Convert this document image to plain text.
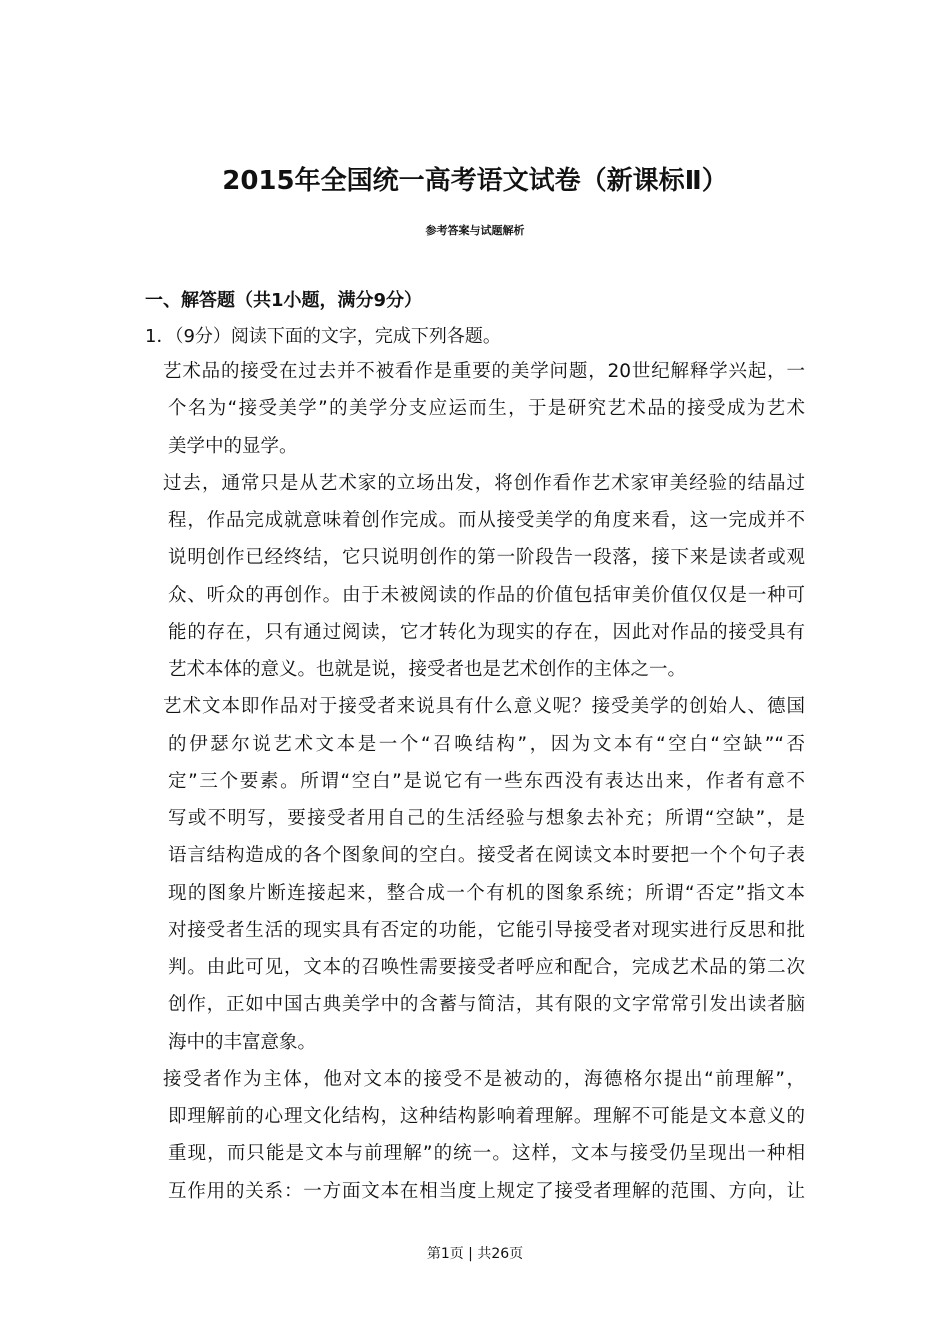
2015年全国统一高考语文试卷（新课标Ⅱ）
参考答案与试题解析
一、解答题（共1小题，满分9分）
1．（9分）阅读下面的文字，完成下列各题。
艺术品的接受在过去并不被看作是重要的美学问题，20世纪解释学兴起，一
个名为“接受美学”的美学分支应运而生，于是研究艺术品的接受成为艺术
美学中的显学。
过去，通常只是从艺术家的立场出发，将创作看作艺术家审美经验的结晶过
程，作品完成就意味着创作完成。而从接受美学的角度来看，这一完成并不
说明创作已经终结，它只说明创作的第一阶段告一段落，接下来是读者或观
众、听众的再创作。由于未被阅读的作品的价值包括审美价值仅仅是一种可
能的存在，只有通过阅读，它才转化为现实的存在，因此对作品的接受具有
艺术本体的意义。也就是说，接受者也是艺术创作的主体之一。
艺术文本即作品对于接受者来说具有什么意义呢？接受美学的创始人、德国
的伊瑟尔说艺术文本是一个“召唤结构”，因为文本有“空白“空缺”“否
定”三个要素。所谓“空白”是说它有一些东西没有表达出来，作者有意不
写或不明写，要接受者用自己的生活经验与想象去补充；所谓“空缺”，是
语言结构造成的各个图象间的空白。接受者在阅读文本时要把一个个句子表
现的图象片断连接起来，整合成一个有机的图象系统；所谓“否定”指文本
对接受者生活的现实具有否定的功能，它能引导接受者对现实进行反思和批
判。由此可见，文本的召唤性需要接受者呼应和配合，完成艺术品的第二次
创作，正如中国古典美学中的含蓄与简洁，其有限的文字常常引发出读者脑
海中的丰富意象。
接受者作为主体，他对文本的接受不是被动的，海德格尔提出“前理解”，
即理解前的心理文化结构，这种结构影响着理解。理解不可能是文本意义的
重现，而只能是文本与前理解”的统一。这样，文本与接受仍呈现出一种相
互作用的关系：一方面文本在相当度上规定了接受者理解的范围、方向，让
第1页 | 共26页
